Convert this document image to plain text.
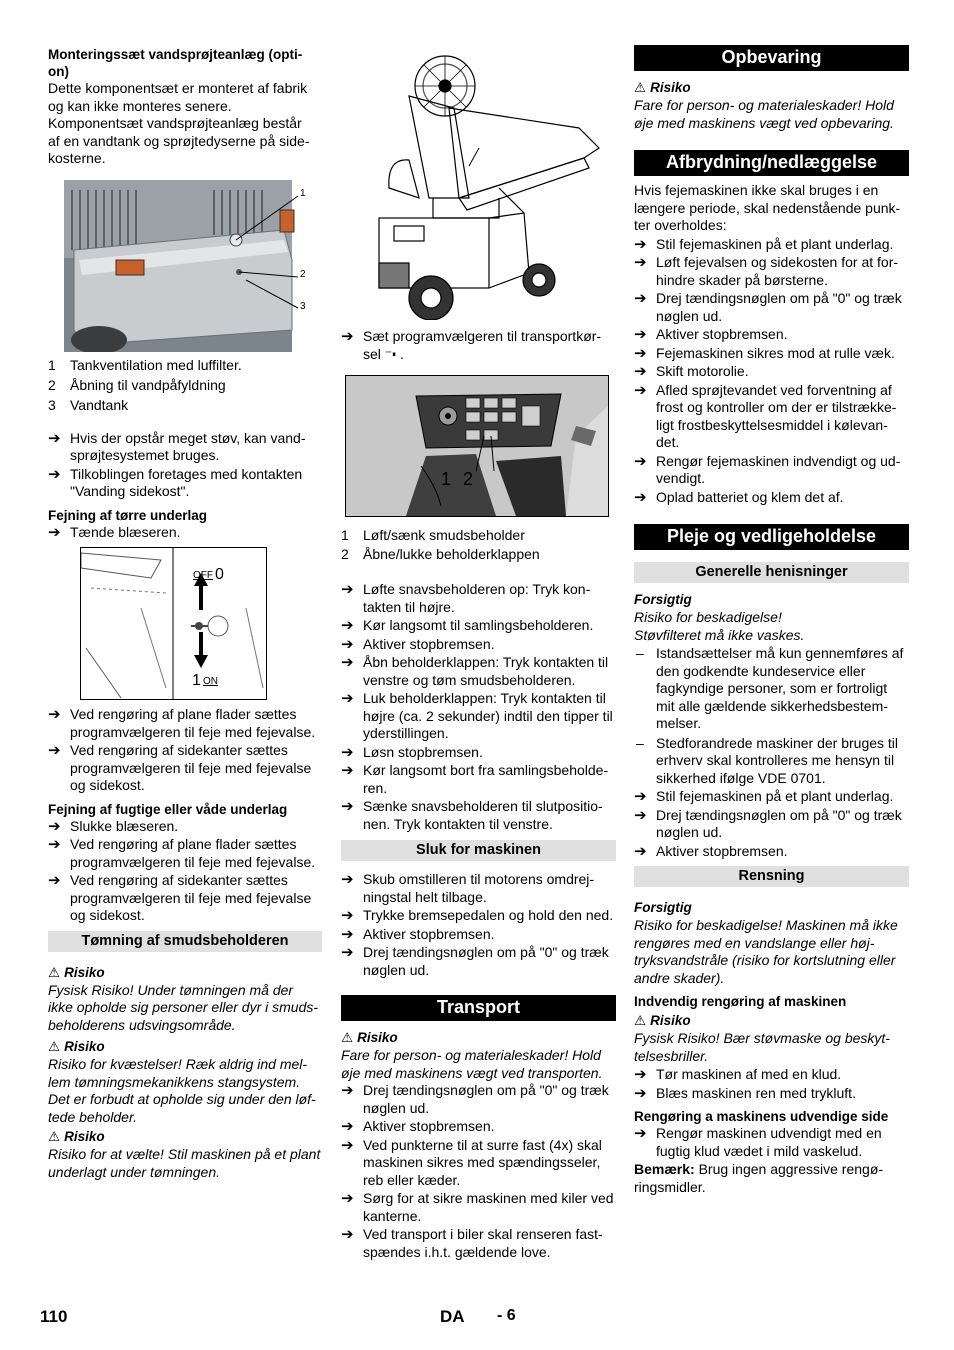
Monteringssæt vandsprøjteanlæg (opti-on)

Dette komponentsæt er monteret af fabrik

og kan ikke monteres senere.

Komponentsæt vandsprøjteanlæg består

af en vandtank og sprøjtedyserne på side-

kosterne.

1
2
3

1 Tankventilation med luffilter.

2 Åbning til vandpåfyldning

3 Vandtank

➔ Hvis der opstår meget støv, kan vand-sprøjtesystemet bruges.

➔ Tilkoblingen foretages med kontakten "Vanding sidekost".

Fejning af tørre underlag

➔ Tænde blæseren.

OFF 0
1 ON

➔ Ved rengøring af plane flader sættes programvælgeren til feje med fejevalse.

➔ Ved rengøring af sidekanter sættes programvælgeren til feje med fejevalse og sidekost.

Fejning af fugtige eller våde underlag

➔ Slukke blæseren.

➔ Ved rengøring af plane flader sættes programvælgeren til feje med fejevalse.

➔ Ved rengøring af sidekanter sættes programvælgeren til feje med fejevalse og sidekost.

Tømning af smudsbeholderen

⚠ Risiko

Fysisk Risiko! Under tømningen må der

ikke opholde sig personer eller dyr i smuds-

beholderens udsvingsområde.

⚠ Risiko

Risiko for kvæstelser! Ræk aldrig ind mel-

lem tømningsmekanikkens stangsystem.

Det er forbudt at opholde sig under den løf-

tede beholder.

⚠ Risiko

Risiko for at vælte! Stil maskinen på et plant

underlagt under tømningen.

➔ Sæt programvælgeren til transportkør-sel ⁻🢞 .

1 2

1 Løft/sænk smudsbeholder

2 Åbne/lukke beholderklappen

➔ Løfte snavsbeholderen op: Tryk kon-takten til højre.

➔ Kør langsomt til samlingsbeholderen.

➔ Aktiver stopbremsen.

➔ Åbn beholderklappen: Tryk kontakten til venstre og tøm smudsbeholderen.

➔ Luk beholderklappen: Tryk kontakten til højre (ca. 2 sekunder) indtil den tipper til yderstillingen.

➔ Løsn stopbremsen.

➔ Kør langsomt bort fra samlingsbeholde-ren.

➔ Sænke snavsbeholderen til slutpositio-nen. Tryk kontakten til venstre.

Sluk for maskinen

➔ Skub omstilleren til motorens omdrej-ningstal helt tilbage.

➔ Trykke bremsepedalen og hold den ned.

➔ Aktiver stopbremsen.

➔ Drej tændingsnøglen om på "0" og træk nøglen ud.

Transport

⚠ Risiko

Fare for person- og materialeskader! Hold

øje med maskinens vægt ved transporten.

➔ Drej tændingsnøglen om på "0" og træk nøglen ud.

➔ Aktiver stopbremsen.

➔ Ved punkterne til at surre fast (4x) skal maskinen sikres med spændingsseler, reb eller kæder.

➔ Sørg for at sikre maskinen med kiler ved kanterne.

➔ Ved transport i biler skal renseren fast-spændes i.h.t. gældende love.

Opbevaring

⚠ Risiko

Fare for person- og materialeskader! Hold

øje med maskinens vægt ved opbevaring.

Afbrydning/nedlæggelse

Hvis fejemaskinen ikke skal bruges i en

længere periode, skal nedenstående punk-

ter overholdes:

➔ Stil fejemaskinen på et plant underlag.

➔ Løft fejevalsen og sidekosten for at for-hindre skader på børsterne.

➔ Drej tændingsnøglen om på "0" og træk nøglen ud.

➔ Aktiver stopbremsen.

➔ Fejemaskinen sikres mod at rulle væk.

➔ Skift motorolie.

➔ Afled sprøjtevandet ved forventning af frost og kontroller om der er tilstrække-ligt frostbeskyttelsesmiddel i kølevan-det.

➔ Rengør fejemaskinen indvendigt og ud-vendigt.

➔ Oplad batteriet og klem det af.

Pleje og vedligeholdelse
Generelle henisninger

Forsigtig

Risiko for beskadigelse!

Støvfilteret må ikke vaskes.

– Istandsættelser må kun gennemføres af den godkendte kundeservice eller fagkyndige personer, som er fortroligt mit alle gældende sikkerhedsbestem-melser.

– Stedforandrede maskiner der bruges til erhverv skal kontrolleres me hensyn til sikkerhed ifølge VDE 0701.

➔ Stil fejemaskinen på et plant underlag.

➔ Drej tændingsnøglen om på "0" og træk nøglen ud.

➔ Aktiver stopbremsen.

Rensning

Forsigtig

Risiko for beskadigelse! Maskinen må ikke

rengøres med en vandslange eller høj-

tryksvandstråle (risiko for kortslutning eller

andre skader).

Indvendig rengøring af maskinen

⚠ Risiko

Fysisk Risiko! Bær støvmaske og beskyt-

telsesbriller.

➔ Tør maskinen af med en klud.

➔ Blæs maskinen ren med trykluft.

Rengøring a maskinens udvendige side

➔ Rengør maskinen udvendigt med en fugtig klud vædet i mild vaskelud.

Bemærk: Brug ingen aggressive rengø-ringsmidler.

110	DA - 6
